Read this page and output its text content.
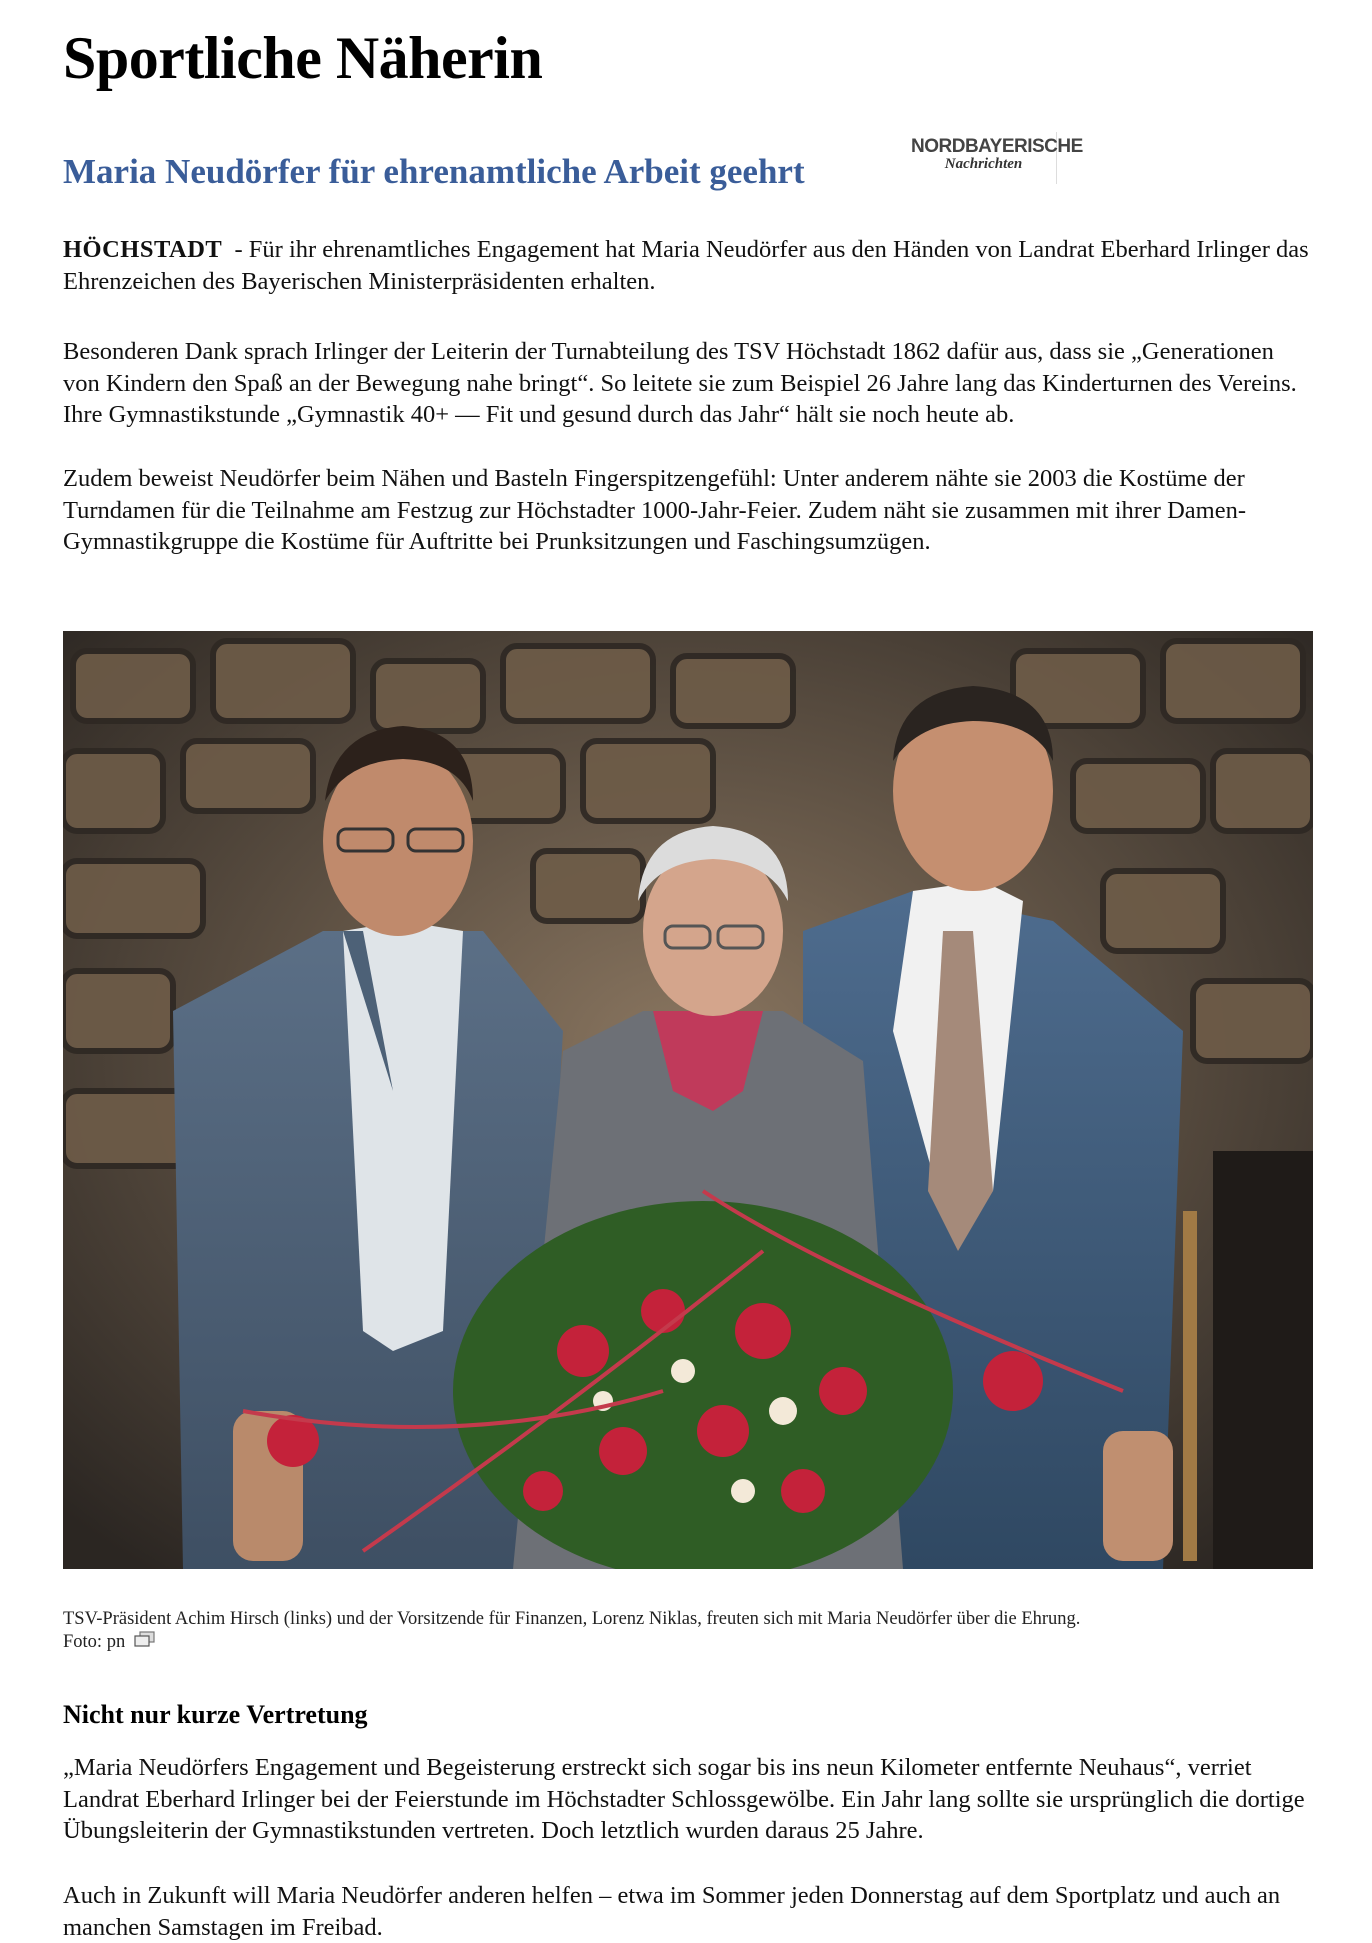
Sportliche Näherin
Maria Neudörfer für ehrenamtliche Arbeit geehrt
NORDBAYERISCHE
Nachrichten
HÖCHSTADT  - Für ihr ehrenamtliches Engagement hat Maria Neudörfer aus den Händen von Landrat Eberhard Irlinger das Ehrenzeichen des Bayerischen Ministerpräsidenten erhalten.
Besonderen Dank sprach Irlinger der Leiterin der Turnabteilung des TSV Höchstadt 1862 dafür aus, dass sie „Generationen von Kindern den Spaß an der Bewegung nahe bringt“. So leitete sie zum Beispiel 26 Jahre lang das Kinderturnen des Vereins. Ihre Gymnastikstunde „Gymnastik 40+ — Fit und gesund durch das Jahr“ hält sie noch heute ab.
Zudem beweist Neudörfer beim Nähen und Basteln Fingerspitzengefühl: Unter anderem nähte sie 2003 die Kostüme der Turndamen für die Teilnahme am Festzug zur Höchstadter 1000-Jahr-Feier. Zudem näht sie zusammen mit ihrer Damen-Gymnastikgruppe die Kostüme für Auftritte bei Prunksitzungen und Faschingsumzügen.
TSV-Präsident Achim Hirsch (links) und der Vorsitzende für Finanzen, Lorenz Niklas, freuten sich mit Maria Neudörfer über die Ehrung.
Foto: pn
Nicht nur kurze Vertretung
„Maria Neudörfers Engagement und Begeisterung erstreckt sich sogar bis ins neun Kilometer entfernte Neuhaus“, verriet Landrat Eberhard Irlinger bei der Feierstunde im Höchstadter Schlossgewölbe. Ein Jahr lang sollte sie ursprünglich die dortige Übungsleiterin der Gymnastikstunden vertreten. Doch letztlich wurden daraus 25 Jahre.
Auch in Zukunft will Maria Neudörfer anderen helfen – etwa im Sommer jeden Donnerstag auf dem Sportplatz und auch an manchen Samstagen im Freibad.
